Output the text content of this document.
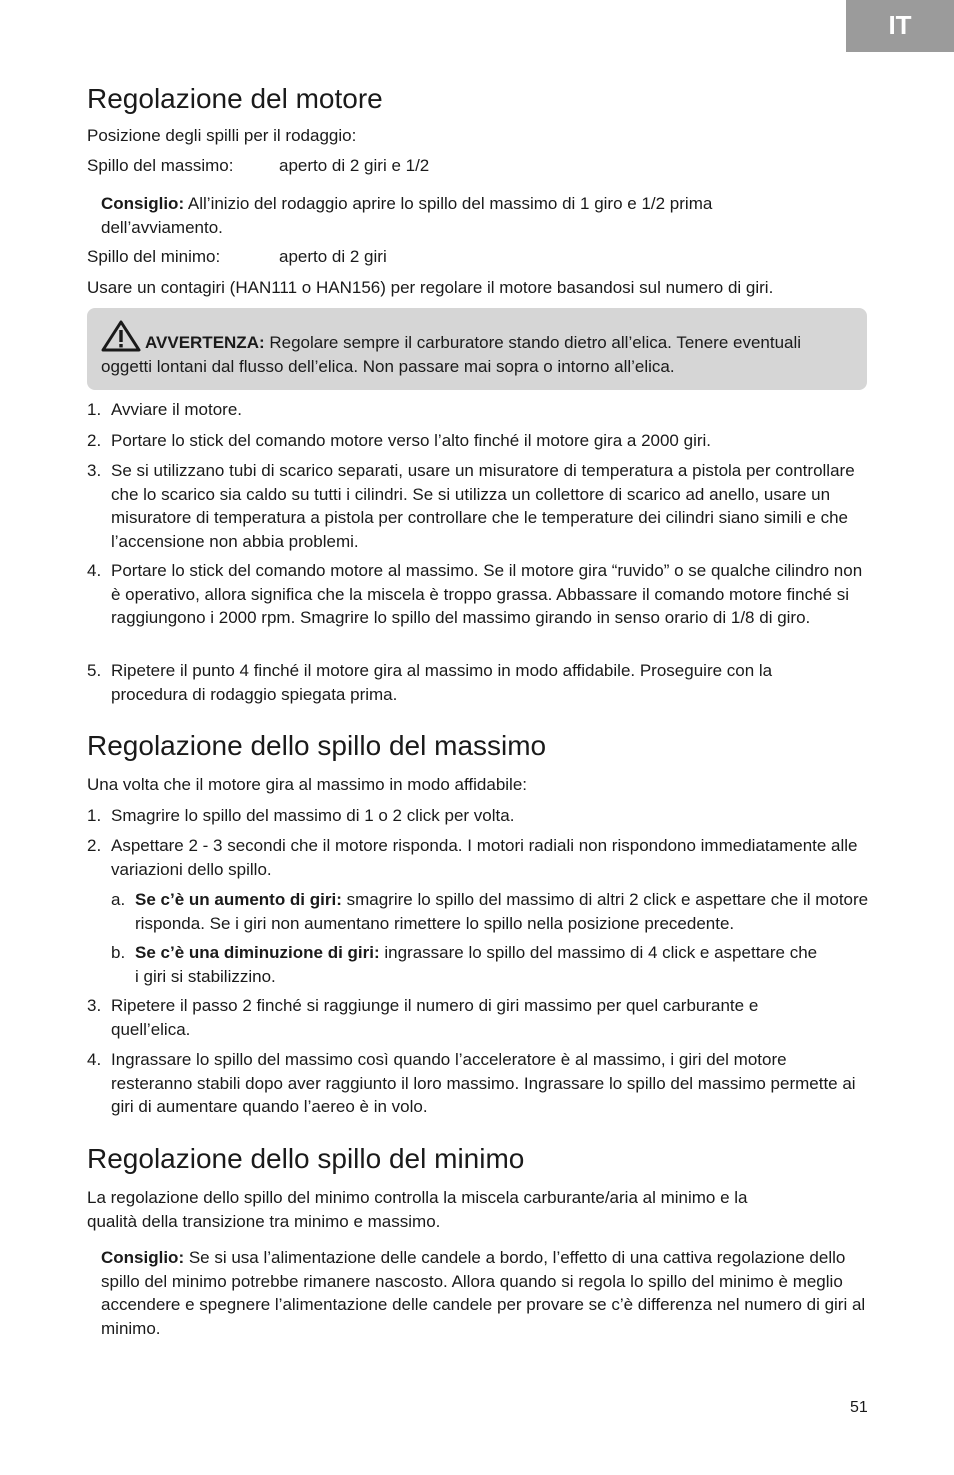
IT
Regolazione del motore

Posizione degli spilli per il rodaggio:

Spillo del massimo:	aperto di 2 giri e 1/2

Consiglio: All’inizio del rodaggio aprire lo spillo del massimo di 1 giro e 1/2 prima dell’avviamento.

Spillo del minimo:	aperto di 2 giri

Usare un contagiri (HAN111 o HAN156) per regolare il motore basandosi sul numero di giri.

AVVERTENZA: Regolare sempre il carburatore stando dietro all’elica. Tenere eventuali oggetti lontani dal flusso dell’elica. Non passare mai sopra o intorno all’elica.
1. Avviare il motore.
2. Portare lo stick del comando motore verso l’alto finché il motore gira a 2000 giri.
3. Se si utilizzano tubi di scarico separati, usare un misuratore di temperatura a pistola per controllare che lo scarico sia caldo su tutti i cilindri. Se si utilizza un collettore di scarico ad anello, usare un misuratore di temperatura a pistola per controllare che le temperature dei cilindri siano simili e che l’accensione non abbia problemi.
4. Portare lo stick del comando motore al massimo. Se il motore gira “ruvido” o se qualche cilindro non è operativo, allora significa che la miscela è troppo grassa. Abbassare il comando motore finché si raggiungono i 2000 rpm. Smagrire lo spillo del massimo girando in senso orario di 1/8 di giro.
5. Ripetere il punto 4 finché il motore gira al massimo in modo affidabile. Proseguire con la procedura di rodaggio spiegata prima.
Regolazione dello spillo del massimo

Una volta che il motore gira al massimo in modo affidabile:

1. Smagrire lo spillo del massimo di 1 o 2 click per volta.
2. Aspettare 2 - 3 secondi che il motore risponda. I motori radiali non rispondono immediatamente alle variazioni dello spillo.
a. Se c’è un aumento di giri: smagrire lo spillo del massimo di altri 2 click e aspettare che il motore risponda. Se i giri non aumentano rimettere lo spillo nella posizione precedente.
b. Se c’è una diminuzione di giri: ingrassare lo spillo del massimo di 4 click e aspettare che i giri si stabilizzino.
3. Ripetere il passo 2 finché si raggiunge il numero di giri massimo per quel carburante e quell’elica.
4. Ingrassare lo spillo del massimo così quando l’acceleratore è al massimo, i giri del motore resteranno stabili dopo aver raggiunto il loro massimo. Ingrassare lo spillo del massimo permette ai giri di aumentare quando l’aereo è in volo.
Regolazione dello spillo del minimo

La regolazione dello spillo del minimo controlla la miscela carburante/aria al minimo e la qualità della transizione tra minimo e massimo.

Consiglio: Se si usa l’alimentazione delle candele a bordo, l’effetto di una cattiva regolazione dello spillo del minimo potrebbe rimanere nascosto. Allora quando si regola lo spillo del minimo è meglio accendere e spegnere l’alimentazione delle candele per provare se c’è differenza nel numero di giri al minimo.

51
